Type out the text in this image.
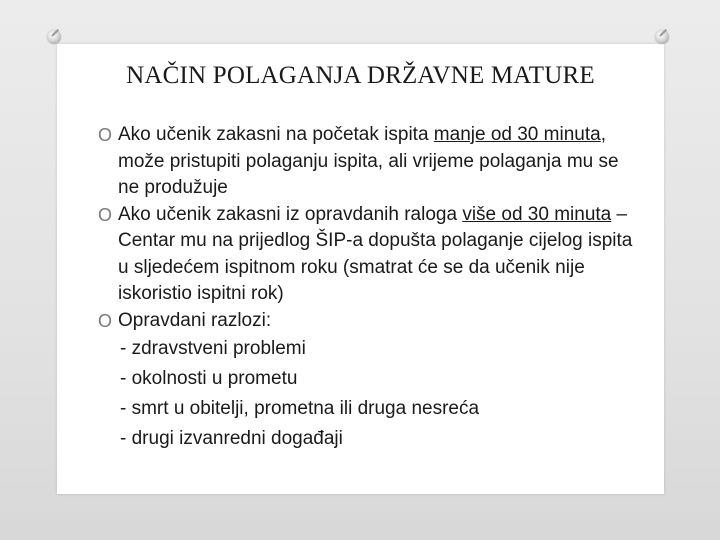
NAČIN POLAGANJA DRŽAVNE MATURE
O Ako učenik zakasni na početak ispita manje od 30 minuta, može pristupiti polaganju ispita, ali vrijeme polaganja mu se ne produžuje
O Ako učenik zakasni iz opravdanih raloga više od 30 minuta – Centar mu na prijedlog ŠIP-a dopušta polaganje cijelog ispita u sljedećem ispitnom roku (smatrat će se da učenik nije iskoristio ispitni rok)
O Opravdani razlozi:
- zdravstveni problemi
- okolnosti u prometu
- smrt u obitelji, prometna ili druga nesreća
- drugi izvanredni događaji
